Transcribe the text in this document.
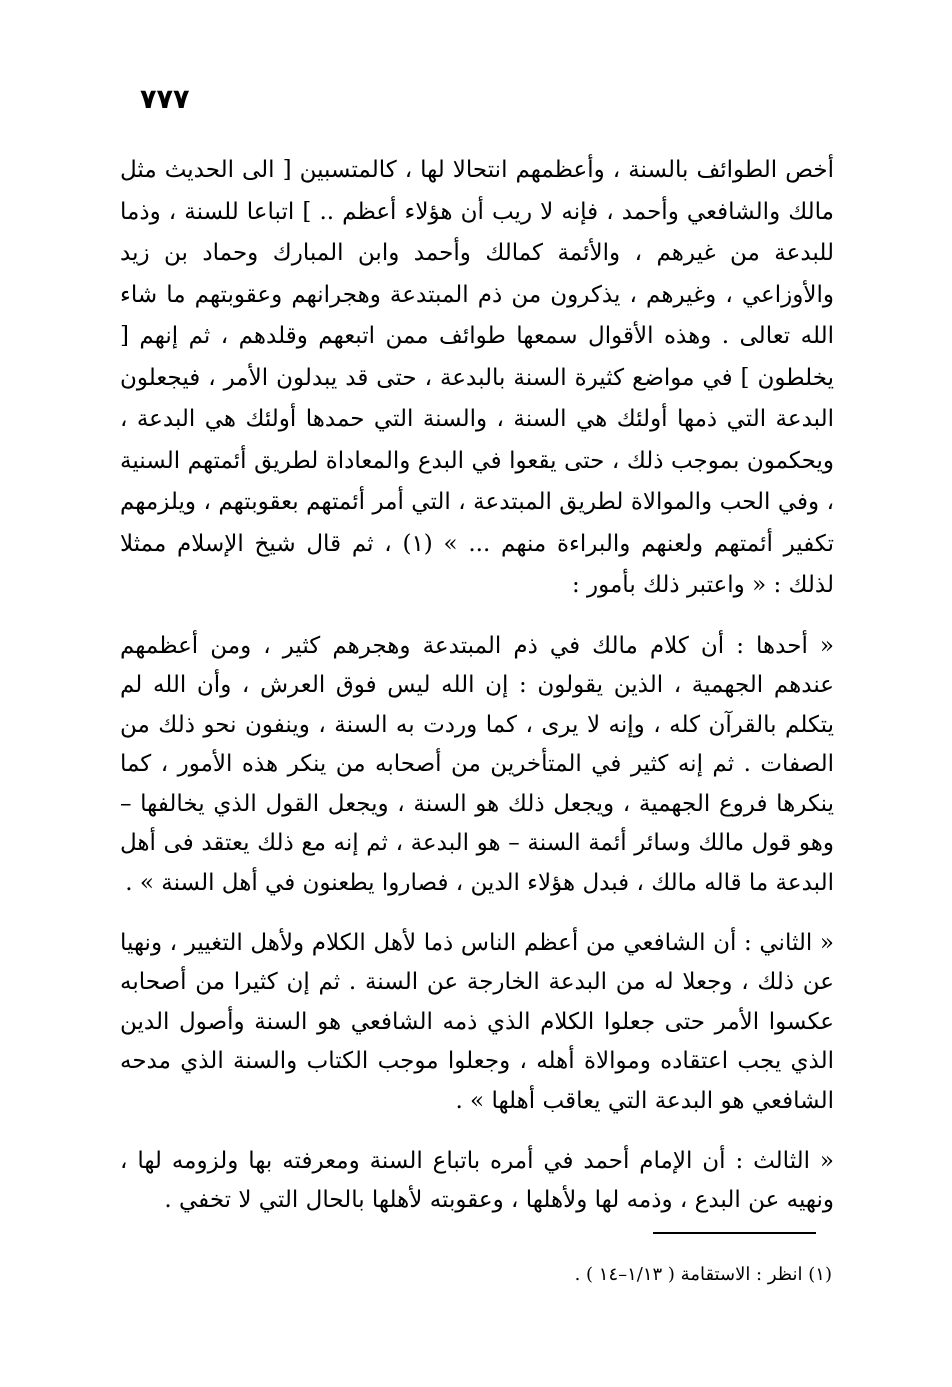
٧٧٧

أخص الطوائف بالسنة ، وأعظمهم انتحالا لها ، كالمتسبين [ الى الحديث مثل مالك والشافعي وأحمد ، فإنه لا ريب أن هؤلاء أعظم .. ] اتباعا للسنة ، وذما للبدعة من غيرهم ، والأئمة كمالك وأحمد وابن المبارك وحماد بن زيد والأوزاعي ، وغيرهم ، يذكرون من ذم المبتدعة وهجرانهم وعقوبتهم ما شاء الله تعالى . وهذه الأقوال سمعها طوائف ممن اتبعهم وقلدهم ، ثم إنهم [ يخلطون ] في مواضع كثيرة السنة بالبدعة ، حتى قد يبدلون الأمر ، فيجعلون البدعة التي ذمها أولئك هي السنة ، والسنة التي حمدها أولئك هي البدعة ، ويحكمون بموجب ذلك ، حتى يقعوا في البدع والمعاداة لطريق أئمتهم السنية ، وفي الحب والموالاة لطريق المبتدعة ، التي أمر أئمتهم بعقوبتهم ، ويلزمهم تكفير أئمتهم ولعنهم والبراءة منهم ... » (١) ، ثم قال شيخ الإسلام ممثلا لذلك : « واعتبر ذلك بأمور :

« أحدها : أن كلام مالك في ذم المبتدعة وهجرهم كثير ، ومن أعظمهم عندهم الجهمية ، الذين يقولون : إن الله ليس فوق العرش ، وأن الله لم يتكلم بالقرآن كله ، وإنه لا يرى ، كما وردت به السنة ، وينفون نحو ذلك من الصفات . ثم إنه كثير في المتأخرين من أصحابه من ينكر هذه الأمور ، كما ينكرها فروع الجهمية ، ويجعل ذلك هو السنة ، ويجعل القول الذي يخالفها – وهو قول مالك وسائر أئمة السنة – هو البدعة ، ثم إنه مع ذلك يعتقد فى أهل البدعة ما قاله مالك ، فبدل هؤلاء الدين ، فصاروا يطعنون في أهل السنة » .

« الثاني : أن الشافعي من أعظم الناس ذما لأهل الكلام ولأهل التغيير ، ونهيا عن ذلك ، وجعلا له من البدعة الخارجة عن السنة . ثم إن كثيرا من أصحابه عكسوا الأمر حتى جعلوا الكلام الذي ذمه الشافعي هو السنة وأصول الدين الذي يجب اعتقاده وموالاة أهله ، وجعلوا موجب الكتاب والسنة الذي مدحه الشافعي هو البدعة التي يعاقب أهلها » .

« الثالث : أن الإمام أحمد في أمره باتباع السنة ومعرفته بها ولزومه لها ، ونهيه عن البدع ، وذمه لها ولأهلها ، وعقوبته لأهلها بالحال التي لا تخفي .

(١) انظر : الاستقامة ( ١/١٣–١٤ ) .
